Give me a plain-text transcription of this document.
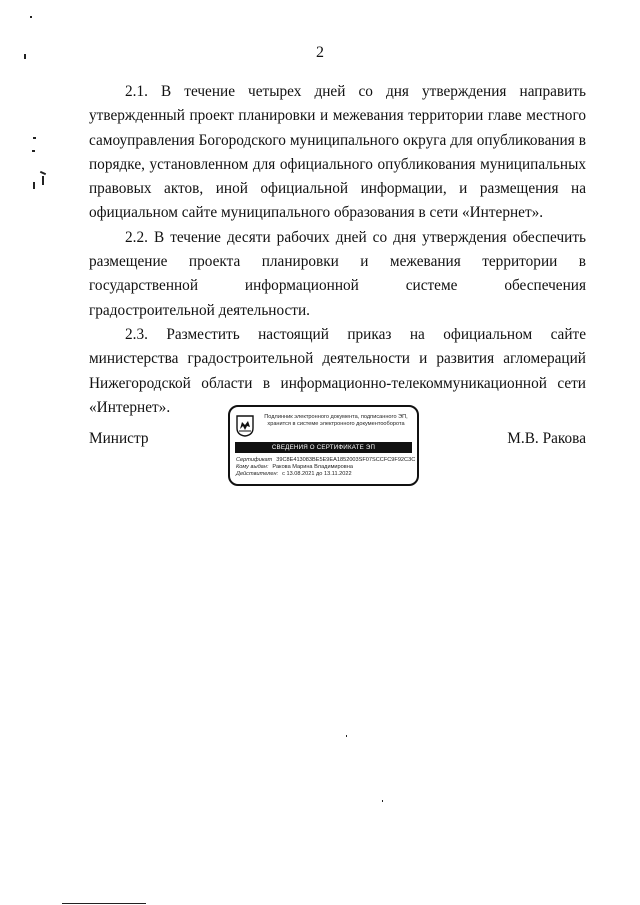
2

2.1. В течение четырех дней со дня утверждения направить утвержденный проект планировки и межевания территории главе местного самоуправления Богородского муниципального округа для опубликования в порядке, установленном для официального опубликования муниципальных правовых актов, иной официальной информации, и размещения на официальном сайте муниципального образования в сети «Интернет».

2.2. В течение десяти рабочих дней со дня утверждения обеспечить размещение проекта планировки и межевания территории в государственной информационной системе обеспечения градостроительной деятельности.

2.3. Разместить настоящий приказ на официальном сайте министерства градостроительной деятельности и развития агломераций Нижегородской области в информационно-телекоммуникационной сети «Интернет».

Министр	М.В. Ракова
Подлинник электронного документа, подписанного ЭП, хранится в системе электронного документооборота
СВЕДЕНИЯ О СЕРТИФИКАТЕ ЭП
Сертификат 39C8E413083BE5E9EA1852003SF07SCCFC9F92C3C
Кому выдан: Ракова Марина Владимировна
Действителен: с 13.08.2021 до 13.11.2022
